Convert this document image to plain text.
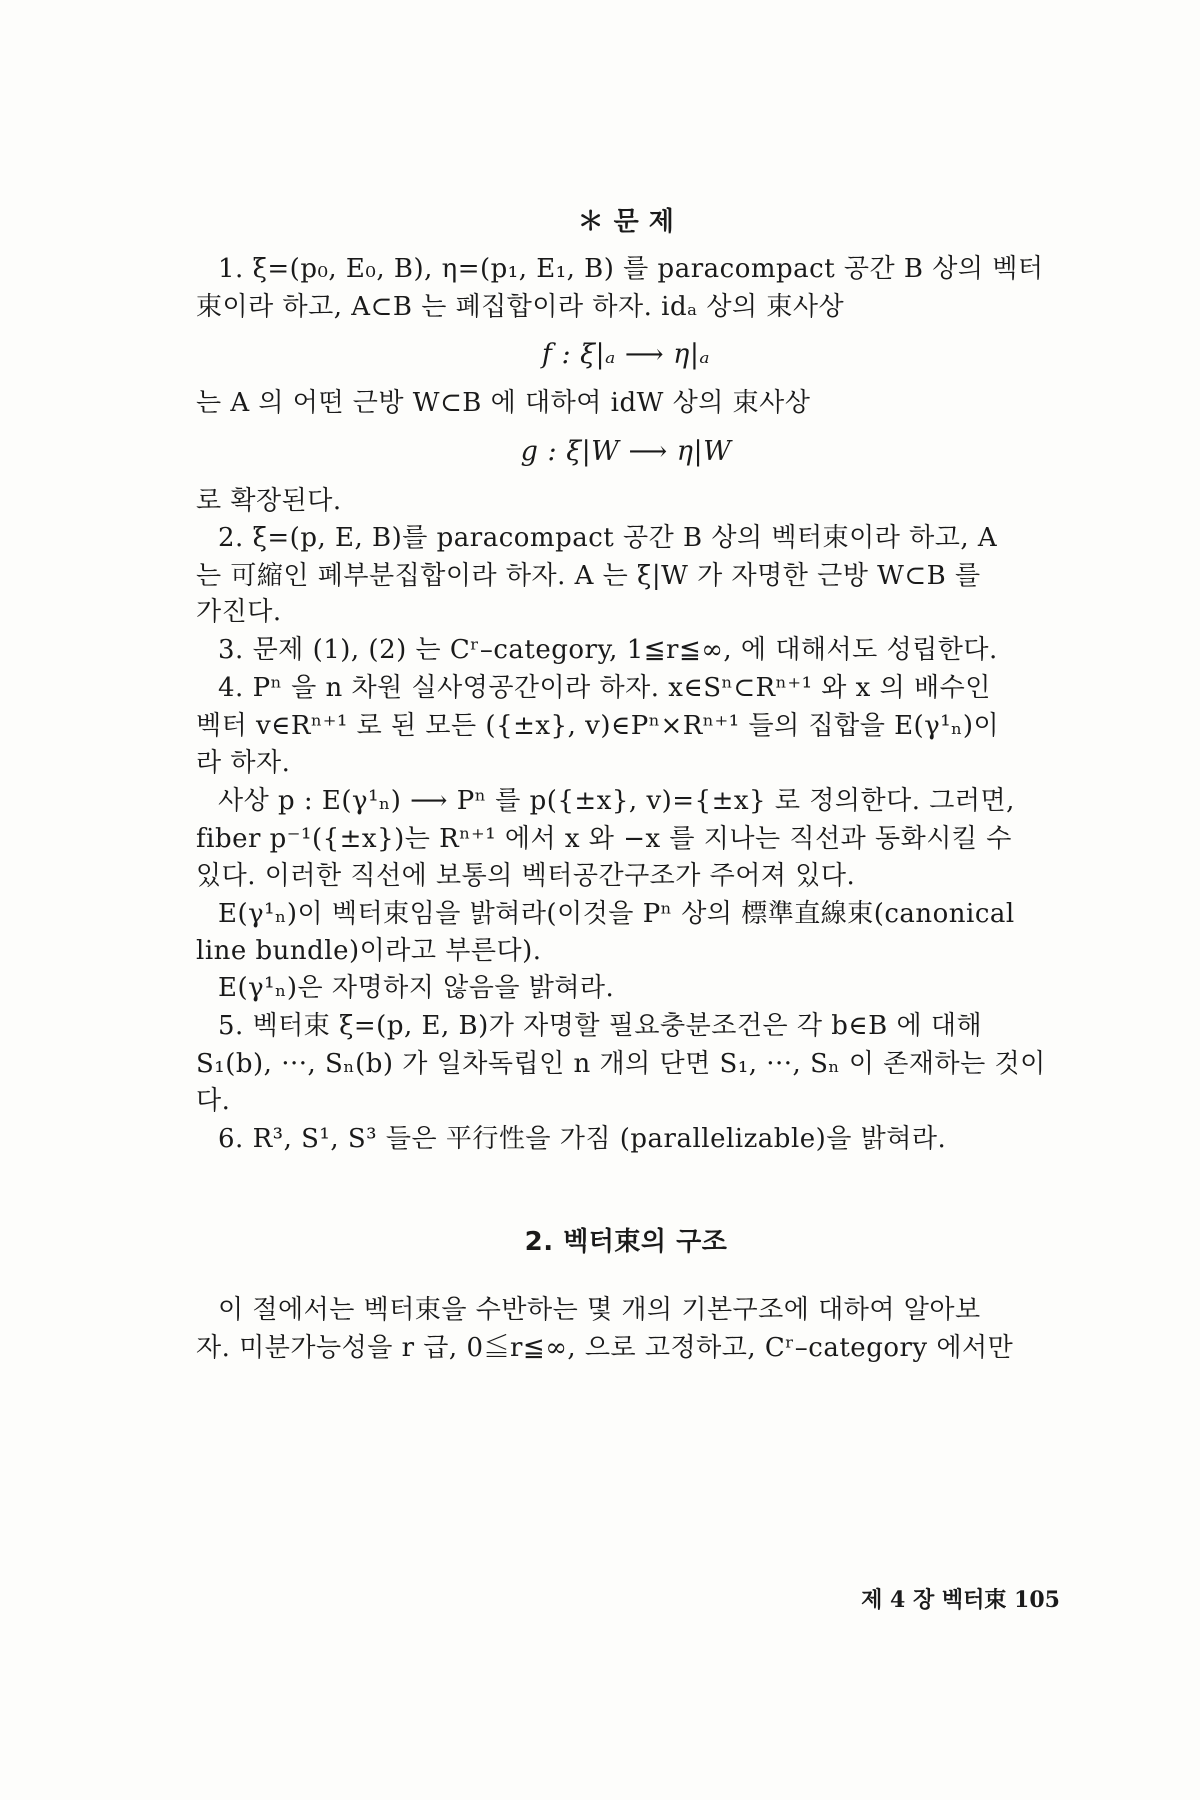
＊ 문 제
1. ξ=(p₀, E₀, B), η=(p₁, E₁, B) 를 paracompact 공간 B 상의 벡터
束이라 하고, A⊂B 는 폐집합이라 하자. idₐ 상의 束사상
f : ξ|ₐ ⟶ η|ₐ
는 A 의 어떤 근방 W⊂B 에 대하여 idW 상의 束사상
g : ξ|W ⟶ η|W
로 확장된다.
2. ξ=(p, E, B)를 paracompact 공간 B 상의 벡터束이라 하고, A
는 可縮인 폐부분집합이라 하자. A 는 ξ|W 가 자명한 근방 W⊂B 를
가진다.
3. 문제 (1), (2) 는 Cʳ–category, 1≦r≦∞, 에 대해서도 성립한다.
4. Pⁿ 을 n 차원 실사영공간이라 하자. x∈Sⁿ⊂Rⁿ⁺¹ 와 x 의 배수인
벡터 v∈Rⁿ⁺¹ 로 된 모든 ({±x}, v)∈Pⁿ×Rⁿ⁺¹ 들의 집합을 E(γ¹ₙ)이
라 하자.
사상 p : E(γ¹ₙ) ⟶ Pⁿ 를 p({±x}, v)={±x} 로 정의한다. 그러면,
fiber p⁻¹({±x})는 Rⁿ⁺¹ 에서 x 와 −x 를 지나는 직선과 동화시킬 수
있다. 이러한 직선에 보통의 벡터공간구조가 주어져 있다.
E(γ¹ₙ)이 벡터束임을 밝혀라(이것을 Pⁿ 상의 標準直線束(canonical
line bundle)이라고 부른다).
E(γ¹ₙ)은 자명하지 않음을 밝혀라.
5. 벡터束 ξ=(p, E, B)가 자명할 필요충분조건은 각 b∈B 에 대해
S₁(b), ···, Sₙ(b) 가 일차독립인 n 개의 단면 S₁, ···, Sₙ 이 존재하는 것이
다.
6. R³, S¹, S³ 들은 平行性을 가짐 (parallelizable)을 밝혀라.
2. 벡터束의 구조
이 절에서는 벡터束을 수반하는 몇 개의 기본구조에 대하여 알아보
자. 미분가능성을 r 급, 0≦r≦∞, 으로 고정하고, Cʳ–category 에서만
제 4 장 벡터束 105
